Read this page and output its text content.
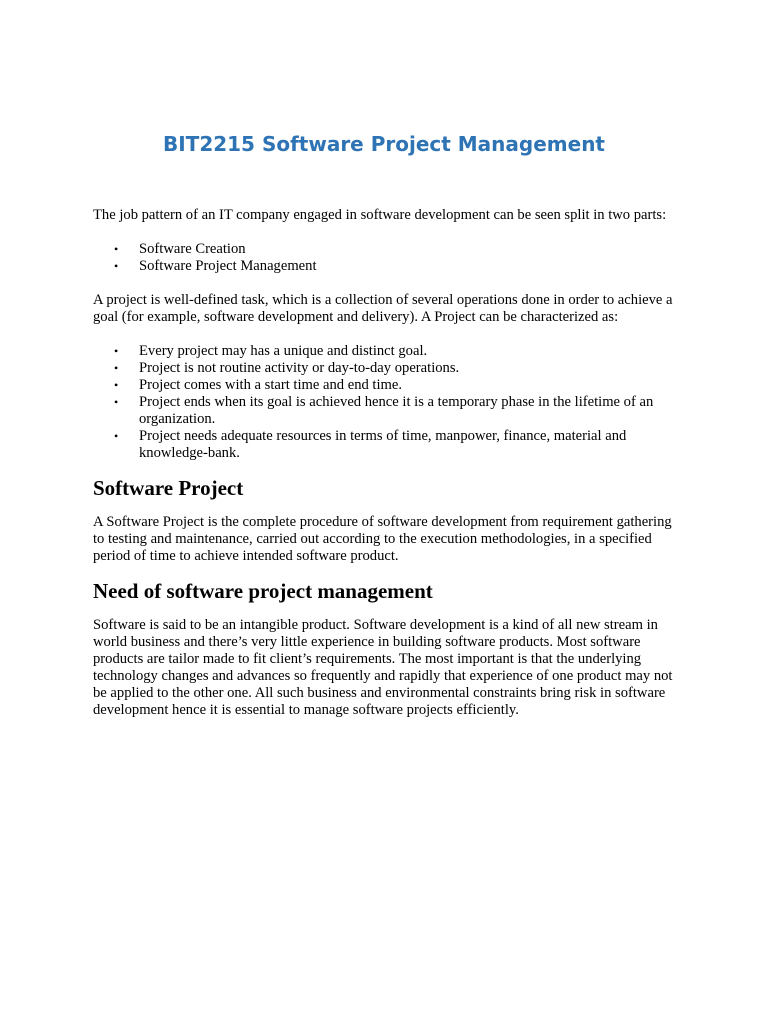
BIT2215 Software Project Management

The job pattern of an IT company engaged in software development can be seen split in two parts:

• Software Creation
• Software Project Management

A project is well-defined task, which is a collection of several operations done in order to achieve a goal (for example, software development and delivery). A Project can be characterized as:

• Every project may has a unique and distinct goal.
• Project is not routine activity or day-to-day operations.
• Project comes with a start time and end time.
• Project ends when its goal is achieved hence it is a temporary phase in the lifetime of an organization.
• Project needs adequate resources in terms of time, manpower, finance, material and knowledge-bank.
Software Project

A Software Project is the complete procedure of software development from requirement gathering to testing and maintenance, carried out according to the execution methodologies, in a specified period of time to achieve intended software product.

Need of software project management

Software is said to be an intangible product. Software development is a kind of all new stream in world business and there’s very little experience in building software products. Most software products are tailor made to fit client’s requirements. The most important is that the underlying technology changes and advances so frequently and rapidly that experience of one product may not be applied to the other one. All such business and environmental constraints bring risk in software development hence it is essential to manage software projects efficiently.
